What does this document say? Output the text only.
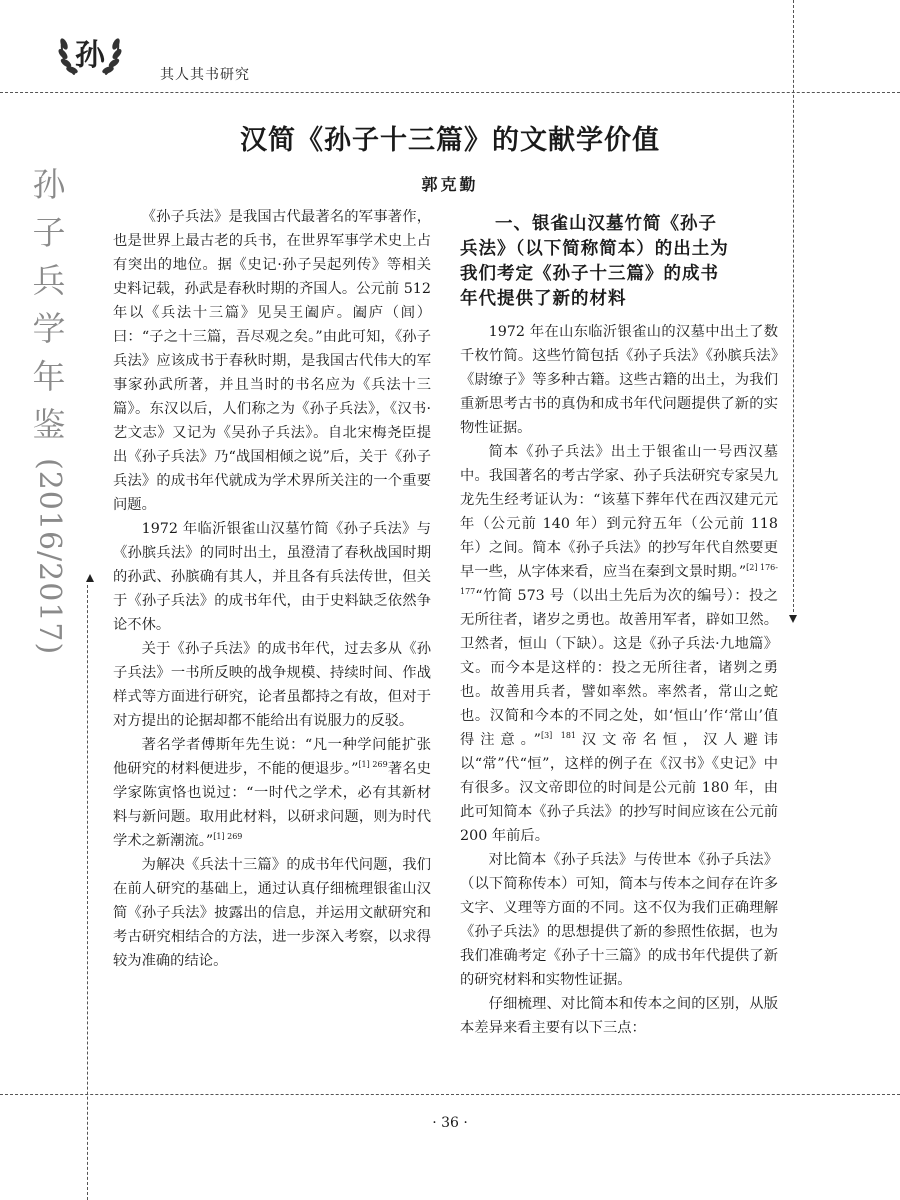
孙
其人其书研究
孙
子
兵
学
年
鉴
(2016/2017)
汉简《孙子十三篇》的文献学价值
郭克勤

《孙子兵法》是我国古代最著名的军事著作，也是世界上最古老的兵书，在世界军事学术史上占有突出的地位。据《史记·孙子吴起列传》等相关史料记载，孙武是春秋时期的齐国人。公元前 512 年以《兵法十三篇》见吴王阖庐。阖庐（闾）曰：“子之十三篇，吾尽观之矣。”由此可知，《孙子兵法》应该成书于春秋时期，是我国古代伟大的军事家孙武所著，并且当时的书名应为《兵法十三篇》。东汉以后，人们称之为《孙子兵法》，《汉书·艺文志》又记为《吴孙子兵法》。自北宋梅尧臣提出《孙子兵法》乃“战国相倾之说”后，关于《孙子兵法》的成书年代就成为学术界所关注的一个重要问题。

1972 年临沂银雀山汉墓竹简《孙子兵法》与《孙膑兵法》的同时出土，虽澄清了春秋战国时期的孙武、孙膑确有其人，并且各有兵法传世，但关于《孙子兵法》的成书年代，由于史料缺乏依然争论不休。

关于《孙子兵法》的成书年代，过去多从《孙子兵法》一书所反映的战争规模、持续时间、作战样式等方面进行研究，论者虽都持之有故，但对于对方提出的论据却都不能给出有说服力的反驳。

著名学者傅斯年先生说：“凡一种学问能扩张他研究的材料便进步，不能的便退步。”$^{[1] 269}$著名史学家陈寅恪也说过：“一时代之学术，必有其新材料与新问题。取用此材料，以研求问题，则为时代学术之新潮流。”$^{[1] 269}$

为解决《兵法十三篇》的成书年代问题，我们在前人研究的基础上，通过认真仔细梳理银雀山汉简《孙子兵法》披露出的信息，并运用文献研究和考古研究相结合的方法，进一步深入考察，以求得较为准确的结论。

一、银雀山汉墓竹简《孙子
兵法》（以下简称简本）的出土为
我们考定《孙子十三篇》的成书
年代提供了新的材料

1972 年在山东临沂银雀山的汉墓中出土了数千枚竹简。这些竹简包括《孙子兵法》《孙膑兵法》《尉缭子》等多种古籍。这些古籍的出土，为我们重新思考古书的真伪和成书年代问题提供了新的实物性证据。

简本《孙子兵法》出土于银雀山一号西汉墓中。我国著名的考古学家、孙子兵法研究专家吴九龙先生经考证认为：“该墓下葬年代在西汉建元元年（公元前 140 年）到元狩五年（公元前 118 年）之间。简本《孙子兵法》的抄写年代自然要更早一些，从字体来看，应当在秦到文景时期。”$^{[2] 176-177}$“竹简 573 号（以出土先后为次的编号）：投之无所往者，诸岁之勇也。故善用军者，辟如卫然。卫然者，恒山（下缺）。这是《孙子兵法·九地篇》文。而今本是这样的：投之无所往者，诸刿之勇也。故善用兵者，譬如率然。率然者，常山之蛇也。汉简和今本的不同之处，如‘恒山’作‘常山’值得注意。”$^{[3] 181}$汉文帝名恒，汉人避讳以“常”代“恒”，这样的例子在《汉书》《史记》中有很多。汉文帝即位的时间是公元前 180 年，由此可知简本《孙子兵法》的抄写时间应该在公元前 200 年前后。

对比简本《孙子兵法》与传世本《孙子兵法》（以下简称传本）可知，简本与传本之间存在许多文字、义理等方面的不同。这不仅为我们正确理解《孙子兵法》的思想提供了新的参照性依据，也为我们准确考定《孙子十三篇》的成书年代提供了新的研究材料和实物性证据。

仔细梳理、对比简本和传本之间的区别，从版本差异来看主要有以下三点：

· 36 ·
